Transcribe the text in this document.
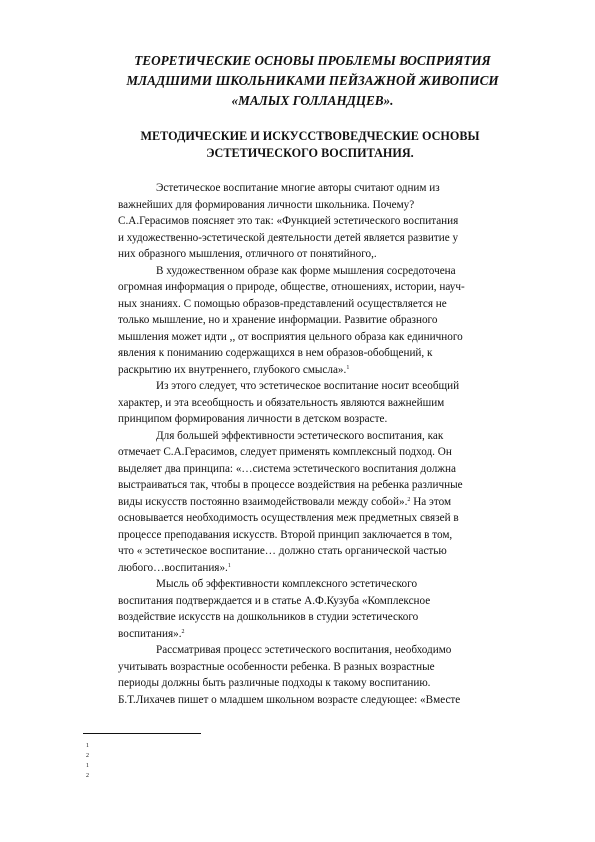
ТЕОРЕТИЧЕСКИЕ ОСНОВЫ ПРОБЛЕМЫ ВОСПРИЯТИЯ
МЛАДШИМИ ШКОЛЬНИКАМИ ПЕЙЗАЖНОЙ ЖИВОПИСИ
«МАЛЫХ ГОЛЛАНДЦЕВ».
МЕТОДИЧЕСКИЕ И ИСКУССТВОВЕДЧЕСКИЕ ОСНОВЫ
ЭСТЕТИЧЕСКОГО ВОСПИТАНИЯ.
Эстетическое воспитание многие авторы считают одним из
важнейших для формирования личности школьника. Почему?
С.А.Герасимов поясняет это так: «Функцией эстетического воспитания
и художественно-эстетической деятельности детей является развитие у
них образного мышления, отличного от понятийного,.
В художественном образе как форме мышления сосредоточена
огромная информация о природе, обществе, отношениях, истории, науч-
ных знаниях. С помощью образов-представлений осуществляется не
только мышление, но и хранение информации. Развитие образного
мышления может идти ,, от восприятия цельного образа как единичного
явления к пониманию содержащихся в нем образов-обобщений, к
раскрытию их внутреннего, глубокого смысла».$^1$
Из этого следует, что эстетическое воспитание носит всеобщий
характер, и эта всеобщность и обязательность являются важнейшим
принципом формирования личности в детском возрасте.
Для большей эффективности эстетического воспитания, как
отмечает С.А.Герасимов, следует применять комплексный подход. Он
выделяет два принципа: «…система эстетического воспитания должна
выстраиваться так, чтобы в процессе воздействия на ребенка различные
виды искусств постоянно взаимодействовали между собой».$^2$ На этом
основывается необходимость осуществления меж предметных связей в
процессе преподавания искусств. Второй принцип заключается в том,
что « эстетическое воспитание… должно стать органической частью
любого…воспитания».$^1$
Мысль об эффективности комплексного эстетического
воспитания подтверждается и в статье А.Ф.Кузуба «Комплексное
воздействие искусств на дошкольников в студии эстетического
воспитания».$^2$
Рассматривая процесс эстетического воспитания, необходимо
учитывать возрастные особенности ребенка. В разных возрастные
периоды должны быть различные подходы к такому воспитанию.
Б.Т.Лихачев пишет о младшем школьном возрасте следующее: «Вместе
1
2
1
2
